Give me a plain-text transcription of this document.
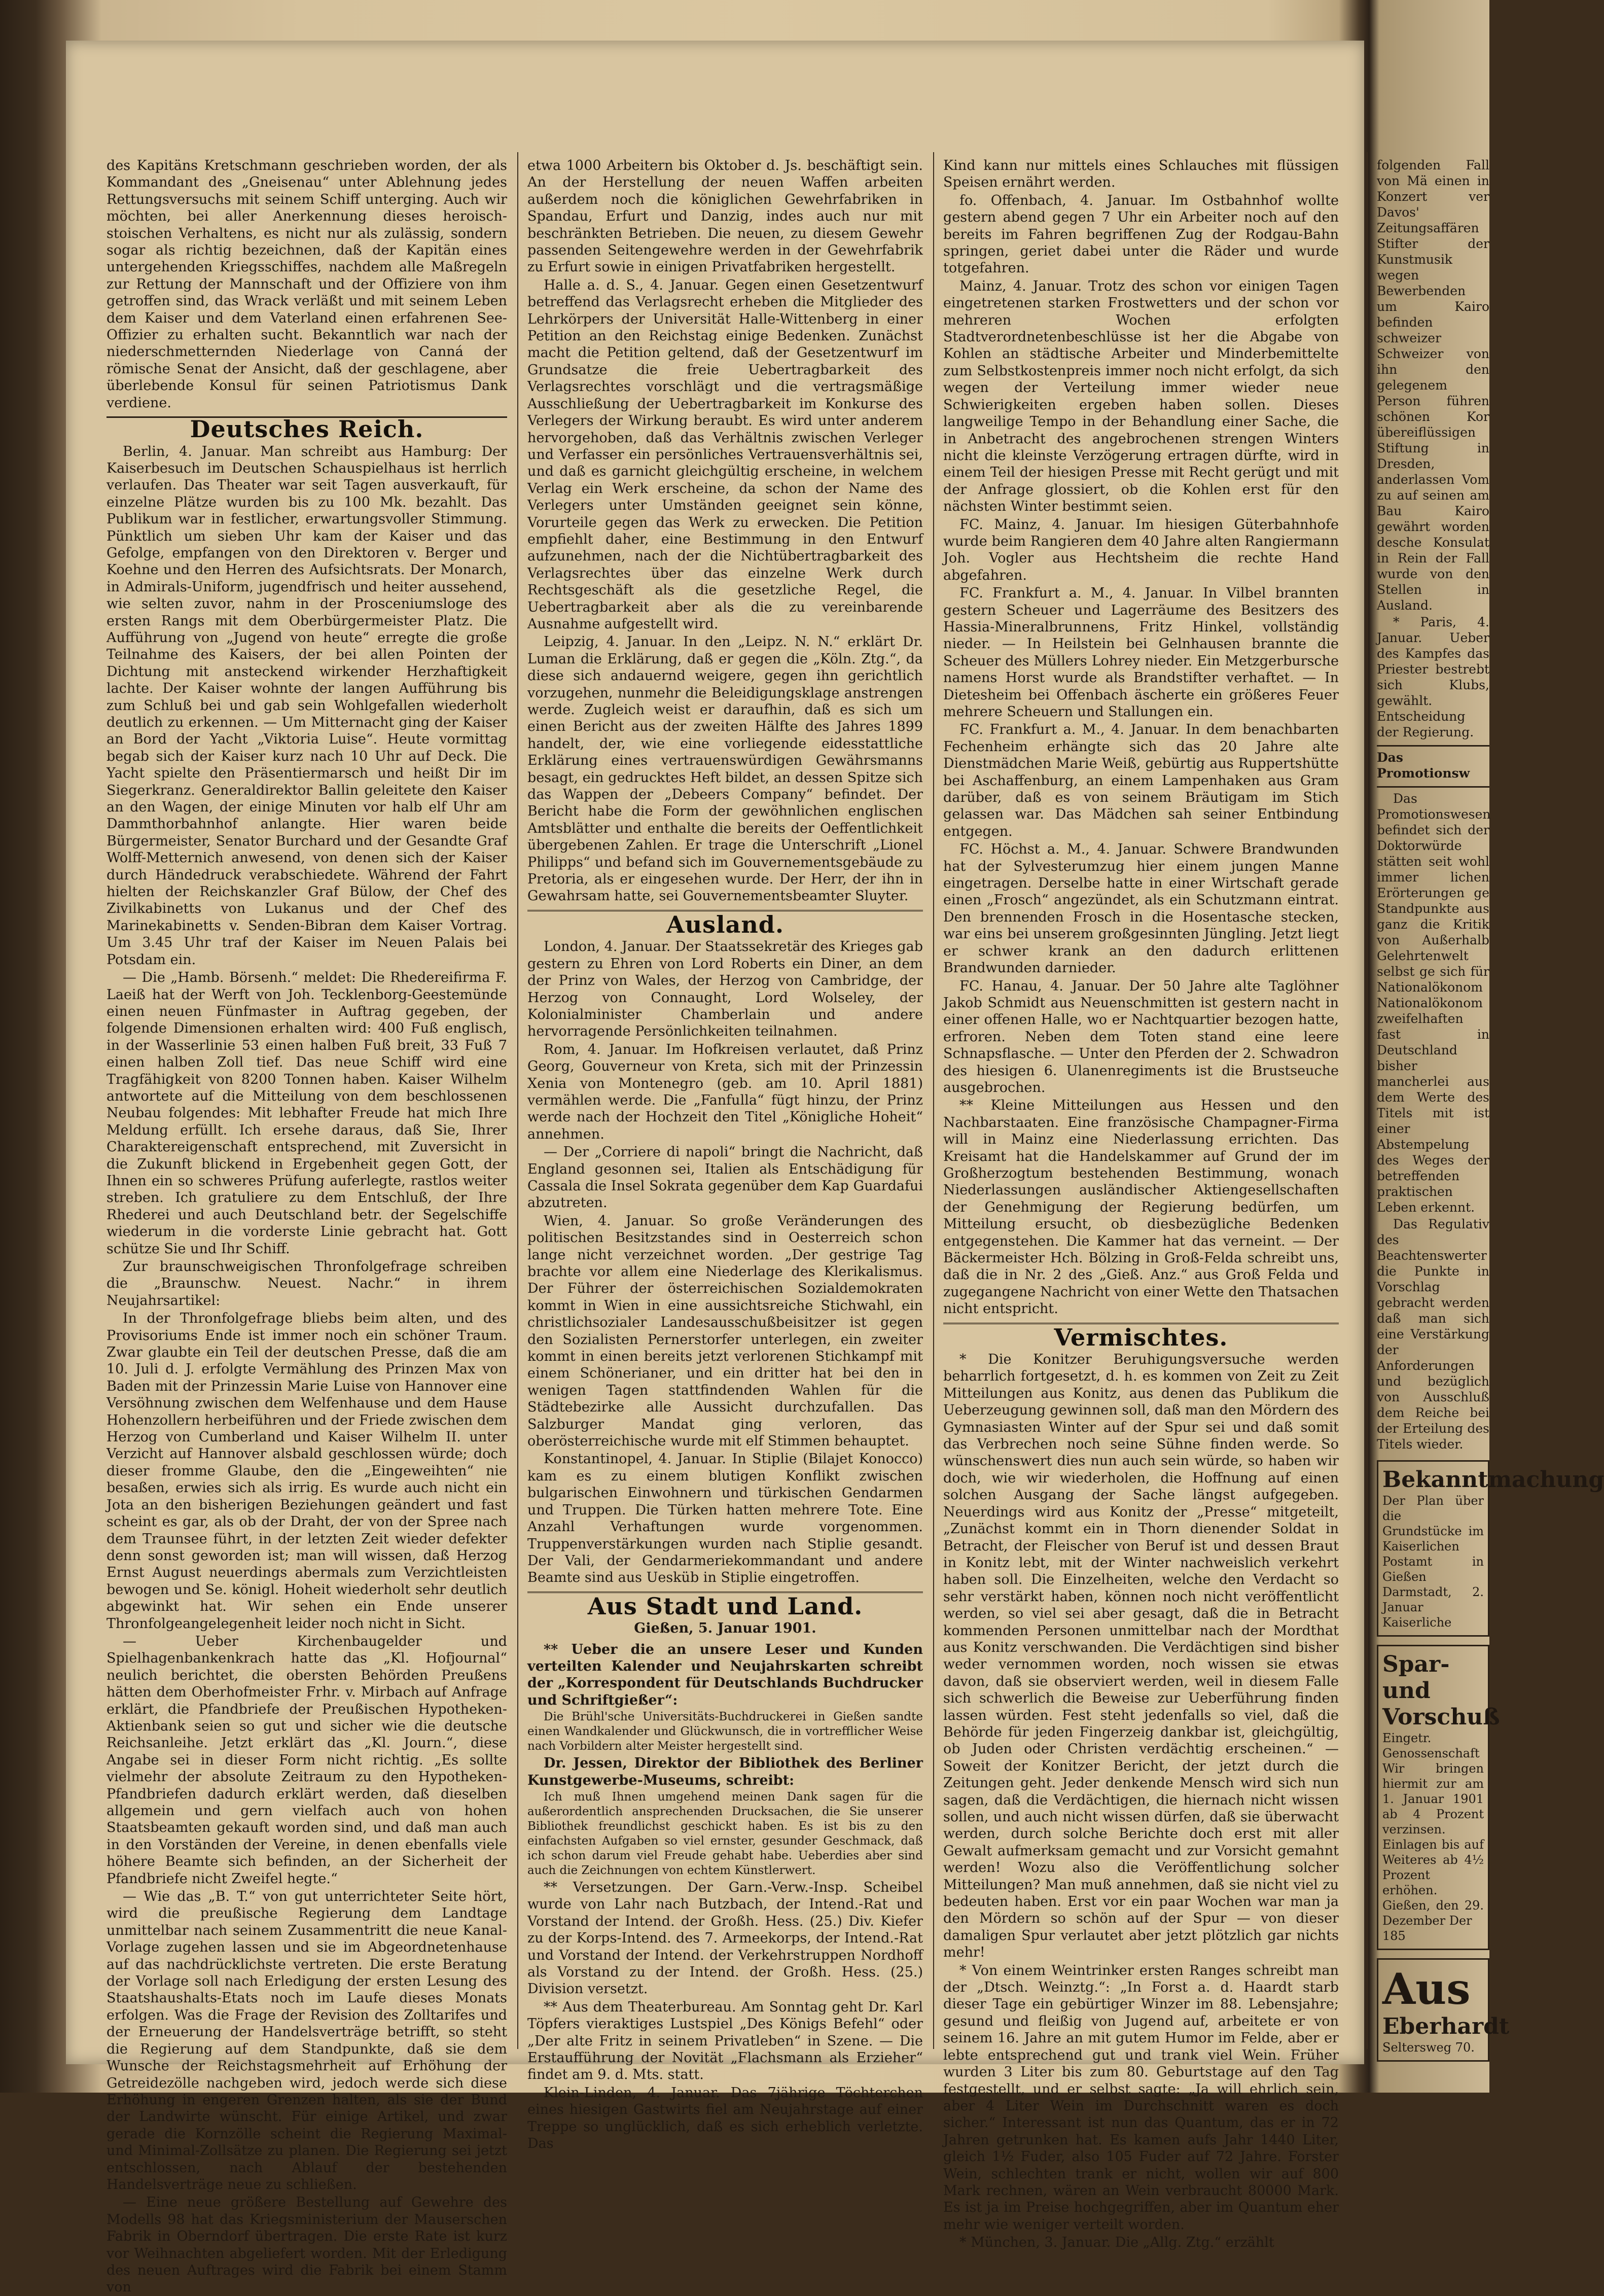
des Kapitäns Kretschmann geschrieben worden, der als Kommandant des „Gneisenau“ unter Ablehnung jedes Rettungsversuchs mit seinem Schiff unterging. Auch wir möchten, bei aller Anerkennung dieses heroisch-stoischen Verhaltens, es nicht nur als zulässig, sondern sogar als richtig bezeichnen, daß der Kapitän eines untergehenden Kriegsschiffes, nachdem alle Maßregeln zur Rettung der Mannschaft und der Offiziere von ihm getroffen sind, das Wrack verläßt und mit seinem Leben dem Kaiser und dem Vaterland einen erfahrenen See-Offizier zu erhalten sucht. Bekanntlich war nach der niederschmetternden Niederlage von Canná der römische Senat der Ansicht, daß der geschlagene, aber überlebende Konsul für seinen Patriotismus Dank verdiene.

Deutsches Reich.

Berlin, 4. Januar. Man schreibt aus Hamburg: Der Kaiserbesuch im Deutschen Schauspielhaus ist herrlich verlaufen. Das Theater war seit Tagen ausverkauft, für einzelne Plätze wurden bis zu 100 Mk. bezahlt. Das Publikum war in festlicher, erwartungsvoller Stimmung. Pünktlich um sieben Uhr kam der Kaiser und das Gefolge, empfangen von den Direktoren v. Berger und Koehne und den Herren des Aufsichtsrats. Der Monarch, in Admirals-Uniform, jugendfrisch und heiter aussehend, wie selten zuvor, nahm in der Prosceniumsloge des ersten Rangs mit dem Oberbürgermeister Platz. Die Aufführung von „Jugend von heute“ erregte die große Teilnahme des Kaisers, der bei allen Pointen der Dichtung mit ansteckend wirkender Herzhaftigkeit lachte. Der Kaiser wohnte der langen Aufführung bis zum Schluß bei und gab sein Wohlgefallen wiederholt deutlich zu erkennen. — Um Mitternacht ging der Kaiser an Bord der Yacht „Viktoria Luise“. Heute vormittag begab sich der Kaiser kurz nach 10 Uhr auf Deck. Die Yacht spielte den Präsentiermarsch und heißt Dir im Siegerkranz. Generaldirektor Ballin geleitete den Kaiser an den Wagen, der einige Minuten vor halb elf Uhr am Dammthorbahnhof anlangte. Hier waren beide Bürgermeister, Senator Burchard und der Gesandte Graf Wolff-Metternich anwesend, von denen sich der Kaiser durch Händedruck verabschiedete. Während der Fahrt hielten der Reichskanzler Graf Bülow, der Chef des Zivilkabinetts von Lukanus und der Chef des Marinekabinetts v. Senden-Bibran dem Kaiser Vortrag. Um 3.45 Uhr traf der Kaiser im Neuen Palais bei Potsdam ein.

— Die „Hamb. Börsenh.“ meldet: Die Rhedereifirma F. Laeiß hat der Werft von Joh. Tecklenborg-Geestemünde einen neuen Fünfmaster in Auftrag gegeben, der folgende Dimensionen erhalten wird: 400 Fuß englisch, in der Wasserlinie 53 einen halben Fuß breit, 33 Fuß 7 einen halben Zoll tief. Das neue Schiff wird eine Tragfähigkeit von 8200 Tonnen haben. Kaiser Wilhelm antwortete auf die Mitteilung von dem beschlossenen Neubau folgendes: Mit lebhafter Freude hat mich Ihre Meldung erfüllt. Ich ersehe daraus, daß Sie, Ihrer Charaktereigenschaft entsprechend, mit Zuversicht in die Zukunft blickend in Ergebenheit gegen Gott, der Ihnen ein so schweres Prüfung auferlegte, rastlos weiter streben. Ich gratuliere zu dem Entschluß, der Ihre Rhederei und auch Deutschland betr. der Segelschiffe wiederum in die vorderste Linie gebracht hat. Gott schütze Sie und Ihr Schiff.

Zur braunschweigischen Thronfolgefrage schreiben die „Braunschw. Neuest. Nachr.“ in ihrem Neujahrsartikel:

In der Thronfolgefrage bliebs beim alten, und des Provisoriums Ende ist immer noch ein schöner Traum. Zwar glaubte ein Teil der deutschen Presse, daß die am 10. Juli d. J. erfolgte Vermählung des Prinzen Max von Baden mit der Prinzessin Marie Luise von Hannover eine Versöhnung zwischen dem Welfenhause und dem Hause Hohenzollern herbeiführen und der Friede zwischen dem Herzog von Cumberland und Kaiser Wilhelm II. unter Verzicht auf Hannover alsbald geschlossen würde; doch dieser fromme Glaube, den die „Eingeweihten“ nie besaßen, erwies sich als irrig. Es wurde auch nicht ein Jota an den bisherigen Beziehungen geändert und fast scheint es gar, als ob der Draht, der von der Spree nach dem Traunsee führt, in der letzten Zeit wieder defekter denn sonst geworden ist; man will wissen, daß Herzog Ernst August neuerdings abermals zum Verzichtleisten bewogen und Se. königl. Hoheit wiederholt sehr deutlich abgewinkt hat. Wir sehen ein Ende unserer Thronfolgeangelegenheit leider noch nicht in Sicht.

— Ueber Kirchenbaugelder und Spielhagenbankenkrach hatte das „Kl. Hofjournal“ neulich berichtet, die obersten Behörden Preußens hätten dem Oberhofmeister Frhr. v. Mirbach auf Anfrage erklärt, die Pfandbriefe der Preußischen Hypotheken-Aktienbank seien so gut und sicher wie die deutsche Reichsanleihe. Jetzt erklärt das „Kl. Journ.“, diese Angabe sei in dieser Form nicht richtig. „Es sollte vielmehr der absolute Zeitraum zu den Hypotheken-Pfandbriefen dadurch erklärt werden, daß dieselben allgemein und gern vielfach auch von hohen Staatsbeamten gekauft worden sind, und daß man auch in den Vorständen der Vereine, in denen ebenfalls viele höhere Beamte sich befinden, an der Sicherheit der Pfandbriefe nicht Zweifel hegte.“

— Wie das „B. T.“ von gut unterrichteter Seite hört, wird die preußische Regierung dem Landtage unmittelbar nach seinem Zusammentritt die neue Kanal-Vorlage zugehen lassen und sie im Abgeordnetenhause auf das nachdrücklichste vertreten. Die erste Beratung der Vorlage soll nach Erledigung der ersten Lesung des Staatshaushalts-Etats noch im Laufe dieses Monats erfolgen. Was die Frage der Revision des Zolltarifes und der Erneuerung der Handelsverträge betrifft, so steht die Regierung auf dem Standpunkte, daß sie dem Wunsche der Reichstagsmehrheit auf Erhöhung der Getreidezölle nachgeben wird, jedoch werde sich diese Erhöhung in engeren Grenzen halten, als sie der Bund der Landwirte wünscht. Für einige Artikel, und zwar gerade die Kornzölle scheint die Regierung Maximal- und Minimal-Zollsätze zu planen. Die Regierung sei jetzt entschlossen, nach Ablauf der bestehenden Handelsverträge neue zu schließen.

— Eine neue größere Bestellung auf Gewehre des Modells 98 hat das Kriegsministerium der Mauserschen Fabrik in Oberndorf übertragen. Die erste Rate ist kurz vor Weihnachten abgeliefert worden. Mit der Erledigung des neuen Auftrages wird die Fabrik bei einem Stamm von

etwa 1000 Arbeitern bis Oktober d. Js. beschäftigt sein. An der Herstellung der neuen Waffen arbeiten außerdem noch die königlichen Gewehrfabriken in Spandau, Erfurt und Danzig, indes auch nur mit beschränkten Betrieben. Die neuen, zu diesem Gewehr passenden Seitengewehre werden in der Gewehrfabrik zu Erfurt sowie in einigen Privatfabriken hergestellt.

Halle a. d. S., 4. Januar. Gegen einen Gesetzentwurf betreffend das Verlagsrecht erheben die Mitglieder des Lehrkörpers der Universität Halle-Wittenberg in einer Petition an den Reichstag einige Bedenken. Zunächst macht die Petition geltend, daß der Gesetzentwurf im Grundsatze die freie Uebertragbarkeit des Verlagsrechtes vorschlägt und die vertragsmäßige Ausschließung der Uebertragbarkeit im Konkurse des Verlegers der Wirkung beraubt. Es wird unter anderem hervorgehoben, daß das Verhältnis zwischen Verleger und Verfasser ein persönliches Vertrauensverhältnis sei, und daß es garnicht gleichgültig erscheine, in welchem Verlag ein Werk erscheine, da schon der Name des Verlegers unter Umständen geeignet sein könne, Vorurteile gegen das Werk zu erwecken. Die Petition empfiehlt daher, eine Bestimmung in den Entwurf aufzunehmen, nach der die Nichtübertragbarkeit des Verlagsrechtes über das einzelne Werk durch Rechtsgeschäft als die gesetzliche Regel, die Uebertragbarkeit aber als die zu vereinbarende Ausnahme aufgestellt wird.

Leipzig, 4. Januar. In den „Leipz. N. N.“ erklärt Dr. Luman die Erklärung, daß er gegen die „Köln. Ztg.“, da diese sich andauernd weigere, gegen ihn gerichtlich vorzugehen, nunmehr die Beleidigungsklage anstrengen werde. Zugleich weist er daraufhin, daß es sich um einen Bericht aus der zweiten Hälfte des Jahres 1899 handelt, der, wie eine vorliegende eidesstattliche Erklärung eines vertrauenswürdigen Gewährsmanns besagt, ein gedrucktes Heft bildet, an dessen Spitze sich das Wappen der „Debeers Company“ befindet. Der Bericht habe die Form der gewöhnlichen englischen Amtsblätter und enthalte die bereits der Oeffentlichkeit übergebenen Zahlen. Er trage die Unterschrift „Lionel Philipps“ und befand sich im Gouvernementsgebäude zu Pretoria, als er eingesehen wurde. Der Herr, der ihn in Gewahrsam hatte, sei Gouvernementsbeamter Sluyter.

Ausland.

London, 4. Januar. Der Staatssekretär des Krieges gab gestern zu Ehren von Lord Roberts ein Diner, an dem der Prinz von Wales, der Herzog von Cambridge, der Herzog von Connaught, Lord Wolseley, der Kolonialminister Chamberlain und andere hervorragende Persönlichkeiten teilnahmen.

Rom, 4. Januar. Im Hofkreisen verlautet, daß Prinz Georg, Gouverneur von Kreta, sich mit der Prinzessin Xenia von Montenegro (geb. am 10. April 1881) vermählen werde. Die „Fanfulla“ fügt hinzu, der Prinz werde nach der Hochzeit den Titel „Königliche Hoheit“ annehmen.

— Der „Corriere di napoli“ bringt die Nachricht, daß England gesonnen sei, Italien als Entschädigung für Cassala die Insel Sokrata gegenüber dem Kap Guardafui abzutreten.

Wien, 4. Januar. So große Veränderungen des politischen Besitzstandes sind in Oesterreich schon lange nicht verzeichnet worden. „Der gestrige Tag brachte vor allem eine Niederlage des Klerikalismus. Der Führer der österreichischen Sozialdemokraten kommt in Wien in eine aussichtsreiche Stichwahl, ein christlichsozialer Landesausschußbeisitzer ist gegen den Sozialisten Pernerstorfer unterlegen, ein zweiter kommt in einen bereits jetzt verlorenen Stichkampf mit einem Schönerianer, und ein dritter hat bei den in wenigen Tagen stattfindenden Wahlen für die Städtebezirke alle Aussicht durchzufallen. Das Salzburger Mandat ging verloren, das oberösterreichische wurde mit elf Stimmen behauptet.

Konstantinopel, 4. Januar. In Stiplie (Bilajet Konocco) kam es zu einem blutigen Konflikt zwischen bulgarischen Einwohnern und türkischen Gendarmen und Truppen. Die Türken hatten mehrere Tote. Eine Anzahl Verhaftungen wurde vorgenommen. Truppenverstärkungen wurden nach Stiplie gesandt. Der Vali, der Gendarmeriekommandant und andere Beamte sind aus Uesküb in Stiplie eingetroffen.

Aus Stadt und Land.
Gießen, 5. Januar 1901.

** Ueber die an unsere Leser und Kunden verteilten Kalender und Neujahrskarten schreibt der „Korrespondent für Deutschlands Buchdrucker und Schriftgießer“:

Die Brühl'sche Universitäts-Buchdruckerei in Gießen sandte einen Wandkalender und Glückwunsch, die in vortrefflicher Weise nach Vorbildern alter Meister hergestellt sind.

Dr. Jessen, Direktor der Bibliothek des Berliner Kunstgewerbe-Museums, schreibt:

Ich muß Ihnen umgehend meinen Dank sagen für die außerordentlich ansprechenden Drucksachen, die Sie unserer Bibliothek freundlichst geschickt haben. Es ist bis zu den einfachsten Aufgaben so viel ernster, gesunder Geschmack, daß ich schon darum viel Freude gehabt habe. Ueberdies aber sind auch die Zeichnungen von echtem Künstlerwert.

** Versetzungen. Der Garn.-Verw.-Insp. Scheibel wurde von Lahr nach Butzbach, der Intend.-Rat und Vorstand der Intend. der Großh. Hess. (25.) Div. Kiefer zu der Korps-Intend. des 7. Armeekorps, der Intend.-Rat und Vorstand der Intend. der Verkehrstruppen Nordhoff als Vorstand zu der Intend. der Großh. Hess. (25.) Division versetzt.

** Aus dem Theaterbureau. Am Sonntag geht Dr. Karl Töpfers vieraktiges Lustspiel „Des Königs Befehl“ oder „Der alte Fritz in seinem Privatleben“ in Szene. — Die Erstaufführung der Novität „Flachsmann als Erzieher“ findet am 9. d. Mts. statt.

Klein-Linden, 4. Januar. Das 7jährige Töchterchen eines hiesigen Gastwirts fiel am Neujahrstage auf einer Treppe so unglücklich, daß es sich erheblich verletzte. Das

Kind kann nur mittels eines Schlauches mit flüssigen Speisen ernährt werden.

fo. Offenbach, 4. Januar. Im Ostbahnhof wollte gestern abend gegen 7 Uhr ein Arbeiter noch auf den bereits im Fahren begriffenen Zug der Rodgau-Bahn springen, geriet dabei unter die Räder und wurde totgefahren.

Mainz, 4. Januar. Trotz des schon vor einigen Tagen eingetretenen starken Frostwetters und der schon vor mehreren Wochen erfolgten Stadtverordnetenbeschlüsse ist her die Abgabe von Kohlen an städtische Arbeiter und Minderbemittelte zum Selbstkostenpreis immer noch nicht erfolgt, da sich wegen der Verteilung immer wieder neue Schwierigkeiten ergeben haben sollen. Dieses langweilige Tempo in der Behandlung einer Sache, die in Anbetracht des angebrochenen strengen Winters nicht die kleinste Verzögerung ertragen dürfte, wird in einem Teil der hiesigen Presse mit Recht gerügt und mit der Anfrage glossiert, ob die Kohlen erst für den nächsten Winter bestimmt seien.

FC. Mainz, 4. Januar. Im hiesigen Güterbahnhofe wurde beim Rangieren dem 40 Jahre alten Rangiermann Joh. Vogler aus Hechtsheim die rechte Hand abgefahren.

FC. Frankfurt a. M., 4. Januar. In Vilbel brannten gestern Scheuer und Lagerräume des Besitzers des Hassia-Mineralbrunnens, Fritz Hinkel, vollständig nieder. — In Heilstein bei Gelnhausen brannte die Scheuer des Müllers Lohrey nieder. Ein Metzgerbursche namens Horst wurde als Brandstifter verhaftet. — In Dietesheim bei Offenbach äscherte ein größeres Feuer mehrere Scheuern und Stallungen ein.

FC. Frankfurt a. M., 4. Januar. In dem benachbarten Fechenheim erhängte sich das 20 Jahre alte Dienstmädchen Marie Weiß, gebürtig aus Ruppertshütte bei Aschaffenburg, an einem Lampenhaken aus Gram darüber, daß es von seinem Bräutigam im Stich gelassen war. Das Mädchen sah seiner Entbindung entgegen.

FC. Höchst a. M., 4. Januar. Schwere Brandwunden hat der Sylvesterumzug hier einem jungen Manne eingetragen. Derselbe hatte in einer Wirtschaft gerade einen „Frosch“ angezündet, als ein Schutzmann eintrat. Den brennenden Frosch in die Hosentasche stecken, war eins bei unserem großgesinnten Jüngling. Jetzt liegt er schwer krank an den dadurch erlittenen Brandwunden darnieder.

FC. Hanau, 4. Januar. Der 50 Jahre alte Taglöhner Jakob Schmidt aus Neuenschmitten ist gestern nacht in einer offenen Halle, wo er Nachtquartier bezogen hatte, erfroren. Neben dem Toten stand eine leere Schnapsflasche. — Unter den Pferden der 2. Schwadron des hiesigen 6. Ulanenregiments ist die Brustseuche ausgebrochen.

** Kleine Mitteilungen aus Hessen und den Nachbarstaaten. Eine französische Champagner-Firma will in Mainz eine Niederlassung errichten. Das Kreisamt hat die Handelskammer auf Grund der im Großherzogtum bestehenden Bestimmung, wonach Niederlassungen ausländischer Aktiengesellschaften der Genehmigung der Regierung bedürfen, um Mitteilung ersucht, ob diesbezügliche Bedenken entgegenstehen. Die Kammer hat das verneint. — Der Bäckermeister Hch. Bölzing in Groß-Felda schreibt uns, daß die in Nr. 2 des „Gieß. Anz.“ aus Groß Felda und zugegangene Nachricht von einer Wette den Thatsachen nicht entspricht.

Vermischtes.

* Die Konitzer Beruhigungsversuche werden beharrlich fortgesetzt, d. h. es kommen von Zeit zu Zeit Mitteilungen aus Konitz, aus denen das Publikum die Ueberzeugung gewinnen soll, daß man den Mördern des Gymnasiasten Winter auf der Spur sei und daß somit das Verbrechen noch seine Sühne finden werde. So wünschenswert dies nun auch sein würde, so haben wir doch, wie wir wiederholen, die Hoffnung auf einen solchen Ausgang der Sache längst aufgegeben. Neuerdings wird aus Konitz der „Presse“ mitgeteilt, „Zunächst kommt ein in Thorn dienender Soldat in Betracht, der Fleischer von Beruf ist und dessen Braut in Konitz lebt, mit der Winter nachweislich verkehrt haben soll. Die Einzelheiten, welche den Verdacht so sehr verstärkt haben, können noch nicht veröffentlicht werden, so viel sei aber gesagt, daß die in Betracht kommenden Personen unmittelbar nach der Mordthat aus Konitz verschwanden. Die Verdächtigen sind bisher weder vernommen worden, noch wissen sie etwas davon, daß sie observiert werden, weil in diesem Falle sich schwerlich die Beweise zur Ueberführung finden lassen würden. Fest steht jedenfalls so viel, daß die Behörde für jeden Fingerzeig dankbar ist, gleichgültig, ob Juden oder Christen verdächtig erscheinen.“ — Soweit der Konitzer Bericht, der jetzt durch die Zeitungen geht. Jeder denkende Mensch wird sich nun sagen, daß die Verdächtigen, die hiernach nicht wissen sollen, und auch nicht wissen dürfen, daß sie überwacht werden, durch solche Berichte doch erst mit aller Gewalt aufmerksam gemacht und zur Vorsicht gemahnt werden! Wozu also die Veröffentlichung solcher Mitteilungen? Man muß annehmen, daß sie nicht viel zu bedeuten haben. Erst vor ein paar Wochen war man ja den Mördern so schön auf der Spur — von dieser damaligen Spur verlautet aber jetzt plötzlich gar nichts mehr!

* Von einem Weintrinker ersten Ranges schreibt man der „Dtsch. Weinztg.“: „In Forst a. d. Haardt starb dieser Tage ein gebürtiger Winzer im 88. Lebensjahre; gesund und fleißig von Jugend auf, arbeitete er von seinem 16. Jahre an mit gutem Humor im Felde, aber er lebte entsprechend gut und trank viel Wein. Früher wurden 3 Liter bis zum 80. Geburtstage auf den Tag festgestellt, und er selbst sagte: „Ja will ehrlich sein, aber 4 Liter Wein im Durchschnitt waren es doch sicher.“ Interessant ist nun das Quantum, das er in 72 Jahren getrunken hat. Es kamen aufs Jahr 1440 Liter, gleich 1½ Fuder, also 105 Fuder auf 72 Jahre. Forster Wein, schlechten trank er nicht, wollen wir auf 800 Mark rechnen, wären an Wein verbraucht 80000 Mark. Es ist ja im Preise hochgegriffen, aber im Quantum eher mehr wie weniger verteilt worden.

* München, 3. Januar. Die „Allg. Ztg.“ erzählt

folgenden Fall von Mä einen in Konzert ver Davos' Zeitungsaffären Stifter der Kunstmusik wegen Bewerbenden um Kairo befinden schweizer Schweizer von ihn den gelegenem Person führen schönen Kor übereiflüssigen Stiftung in Dresden, anderlassen Vom zu auf seinen am Bau Kairo gewährt worden desche Konsulat in Rein der Fall wurde von den Stellen in Ausland.

* Paris, 4. Januar. Ueber des Kampfes das Priester bestrebt sich Klubs, gewählt. Entscheidung der Regierung.

Das Promotionsw

Das Promotionswesen befindet sich der Doktorwürde stätten seit wohl immer lichen Erörterungen ge Standpunkte aus ganz die Kritik von Außerhalb Gelehrtenwelt selbst ge sich für Nationalökonom Nationalökonom zweifelhaften fast in Deutschland bisher mancherlei aus dem Werte des Titels mit ist einer Abstempelung des Weges der betreffenden praktischen Leben erkennt.

Das Regulativ des Beachtenswerter die Punkte in Vorschlag gebracht werden daß man sich eine Verstärkung der Anforderungen und bezüglich von Ausschluß dem Reiche bei der Erteilung des Titels wieder.

Bekanntmachung
Der Plan über die Grundstücke im Kaiserlichen Postamt in Gießen Darmstadt, 2. Januar Kaiserliche
Spar- und Vorschuß
Eingetr. Genossenschaft Wir bringen hiermit zur am 1. Januar 1901 ab 4 Prozent verzinsen. Einlagen bis auf Weiteres ab 4½ Prozent erhöhen. Gießen, den 29. Dezember Der
185
Aus
Eberhardt
Seltersweg 70.
